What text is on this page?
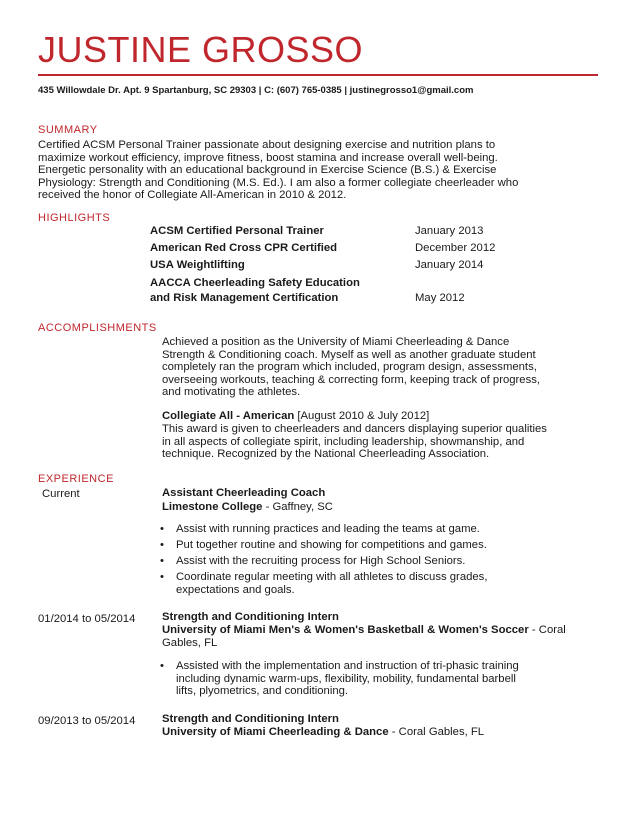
JUSTINE GROSSO
435 Willowdale Dr. Apt. 9 Spartanburg, SC 29303 | C: (607) 765-0385 | justinegrosso1@gmail.com
SUMMARY
Certified ACSM Personal Trainer passionate about designing exercise and nutrition plans to
maximize workout efficiency, improve fitness, boost stamina and increase overall well-being.
Energetic personality with an educational background in Exercise Science (B.S.) & Exercise
Physiology: Strength and Conditioning (M.S. Ed.). I am also a former collegiate cheerleader who
received the honor of Collegiate All-American in 2010 & 2012.
HIGHLIGHTS
ACSM Certified Personal Trainer	January 2013
American Red Cross CPR Certified	December 2012
USA Weightlifting	January 2014
AACCA Cheerleading Safety Education
and Risk Management Certification	May 2012
ACCOMPLISHMENTS
Achieved a position as the University of Miami Cheerleading & Dance
Strength & Conditioning coach. Myself as well as another graduate student
completely ran the program which included, program design, assessments,
overseeing workouts, teaching & correcting form, keeping track of progress,
and motivating the athletes.
Collegiate All - American [August 2010 & July 2012]
This award is given to cheerleaders and dancers displaying superior qualities
in all aspects of collegiate spirit, including leadership, showmanship, and
technique. Recognized by the National Cheerleading Association.
EXPERIENCE
Current	Assistant Cheerleading Coach
Limestone College - Gaffney, SC
• Assist with running practices and leading the teams at game.
• Put together routine and showing for competitions and games.
• Assist with the recruiting process for High School Seniors.
• Coordinate regular meeting with all athletes to discuss grades,
expectations and goals.
01/2014 to 05/2014 Strength and Conditioning Intern
University of Miami Men's & Women's Basketball & Women's Soccer - Coral
Gables, FL
• Assisted with the implementation and instruction of tri-phasic training
including dynamic warm-ups, flexibility, mobility, fundamental barbell
lifts, plyometrics, and conditioning.
09/2013 to 05/2014 Strength and Conditioning Intern
University of Miami Cheerleading & Dance - Coral Gables, FL
